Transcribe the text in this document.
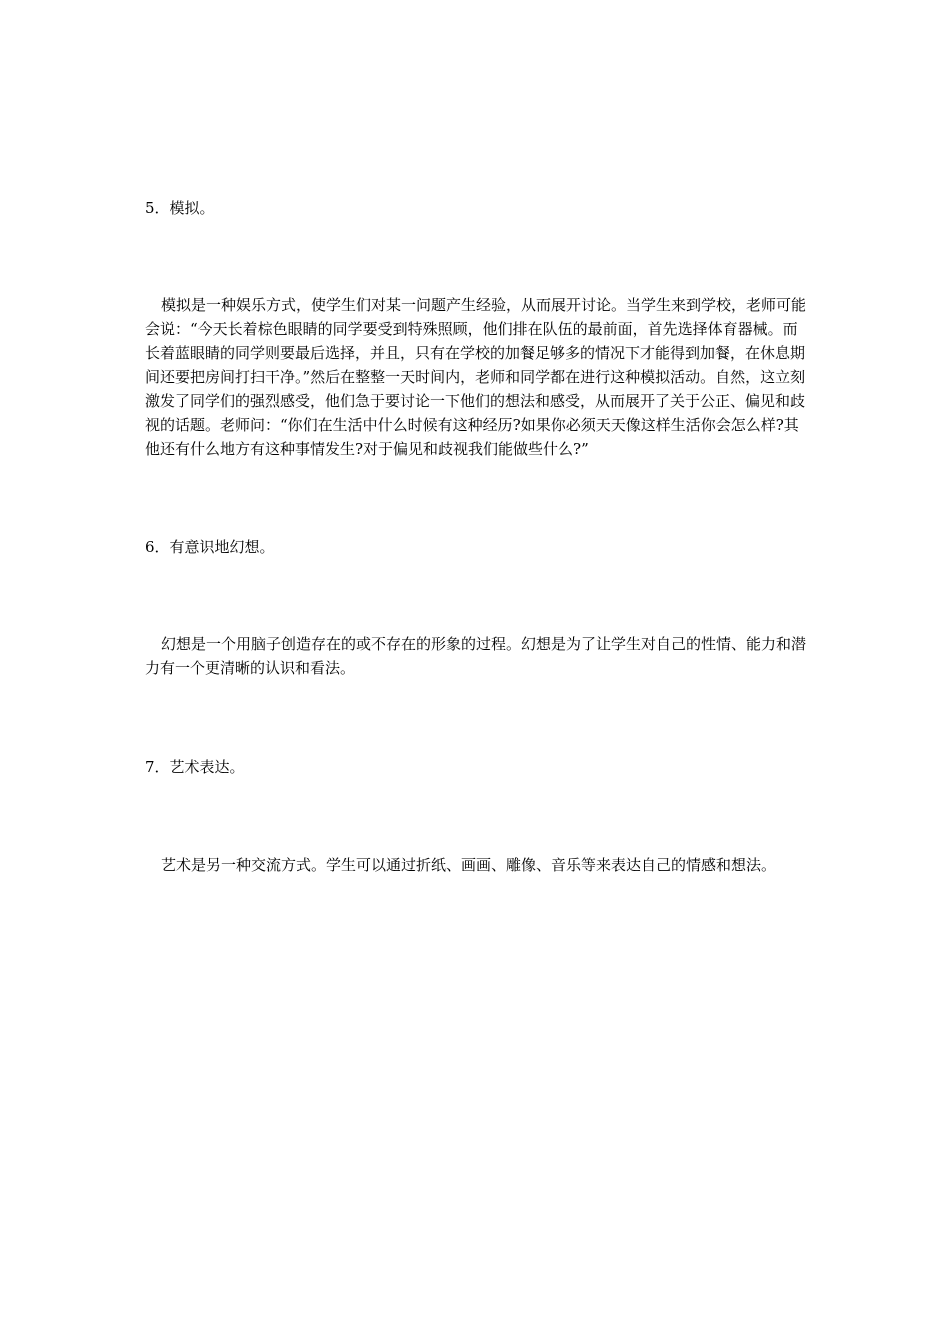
5．模拟。

模拟是一种娱乐方式，使学生们对某一问题产生经验，从而展开讨论。当学生来到学校，老师可能会说：“今天长着棕色眼睛的同学要受到特殊照顾，他们排在队伍的最前面，首先选择体育器械。而长着蓝眼睛的同学则要最后选择，并且，只有在学校的加餐足够多的情况下才能得到加餐，在休息期间还要把房间打扫干净。”然后在整整一天时间内，老师和同学都在进行这种模拟活动。自然，这立刻激发了同学们的强烈感受，他们急于要讨论一下他们的想法和感受，从而展开了关于公正、偏见和歧视的话题。老师问：“你们在生活中什么时候有这种经历?如果你必须天天像这样生活你会怎么样?其他还有什么地方有这种事情发生?对于偏见和歧视我们能做些什么?”

6．有意识地幻想。

幻想是一个用脑子创造存在的或不存在的形象的过程。幻想是为了让学生对自己的性情、能力和潜力有一个更清晰的认识和看法。

7．艺术表达。

艺术是另一种交流方式。学生可以通过折纸、画画、雕像、音乐等来表达自己的情感和想法。
